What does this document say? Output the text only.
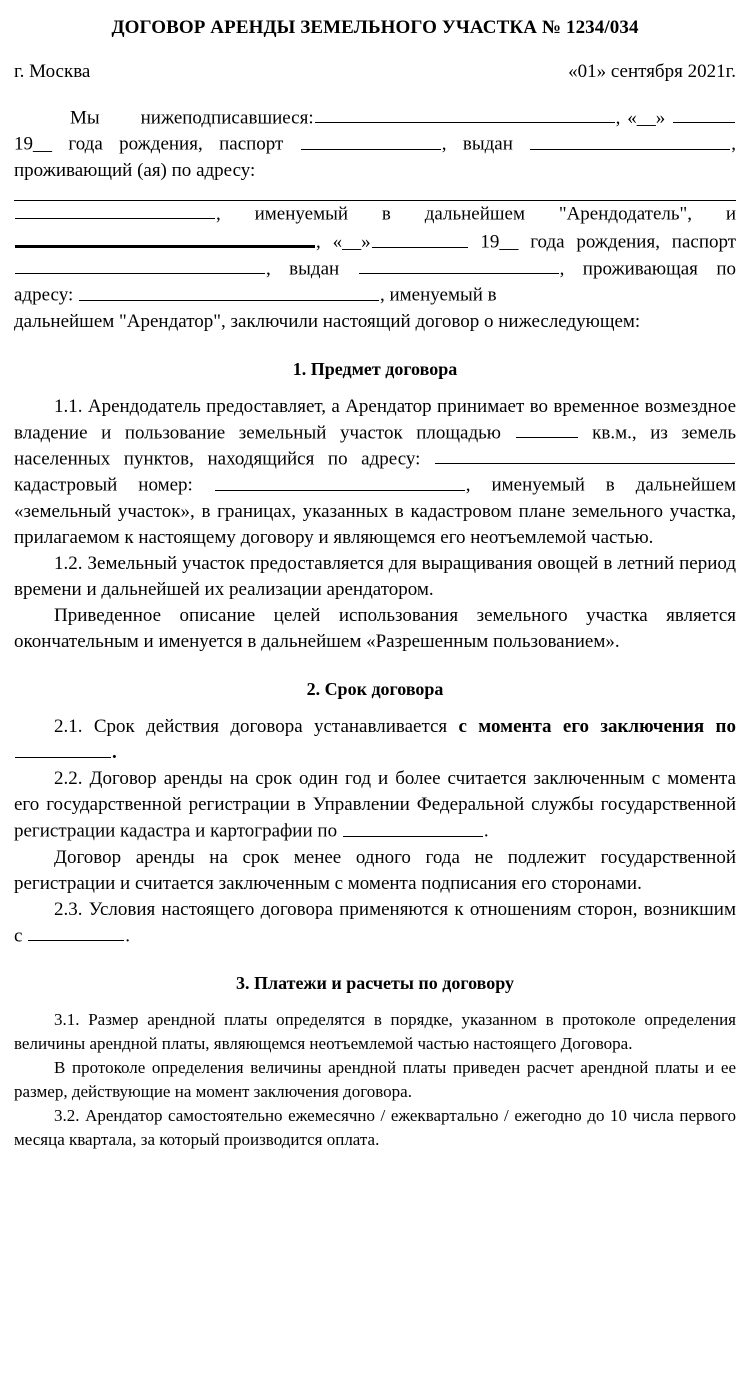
ДОГОВОР АРЕНДЫ ЗЕМЕЛЬНОГО УЧАСТКА № 1234/034
г. Москва	«01» сентября 2021г.
Мы нижеподписавшиеся:	, «__»  19__ года рождения, паспорт	, выдан	, проживающий (ая) по адресу:
, именуемый в дальнейшем "Арендодатель", и , «__»	19__ года рождения, паспорт , выдан	, проживающая по адресу:	, именуемый в
дальнейшем "Арендатор", заключили настоящий договор о нижеследующем:
1. Предмет договора
1.1. Арендодатель предоставляет, а Арендатор принимает во временное возмездное владение и пользование земельный участок площадью	кв.м., из земель населенных пунктов, находящийся по адресу:  кадастровый номер:	, именуемый в дальнейшем «земельный участок», в границах, указанных в кадастровом плане земельного участка, прилагаемом к настоящему договору и являющемся его неотъемлемой частью.
1.2. Земельный участок предоставляется для выращивания овощей в летний период времени и дальнейшей их реализации арендатором.
Приведенное описание целей использования земельного участка является окончательным и именуется в дальнейшем «Разрешенным пользованием».
2. Срок договора
2.1. Срок действия договора устанавливается с момента его заключения по .
2.2. Договор аренды на срок один год и более считается заключенным с момента его государственной регистрации в Управлении Федеральной службы государственной регистрации кадастра и картографии по	.
Договор аренды на срок менее одного года не подлежит государственной регистрации и считается заключенным с момента подписания его сторонами.
2.3. Условия настоящего договора применяются к отношениям сторон, возникшим с	.
3. Платежи и расчеты по договору
3.1. Размер арендной платы определятся в порядке, указанном в протоколе определения величины арендной платы, являющемся неотъемлемой частью настоящего Договора.
В протоколе определения величины арендной платы приведен расчет арендной платы и ее размер, действующие на момент заключения договора.
3.2. Арендатор самостоятельно ежемесячно / ежеквартально / ежегодно до 10 числа первого месяца квартала, за который производится оплата.
